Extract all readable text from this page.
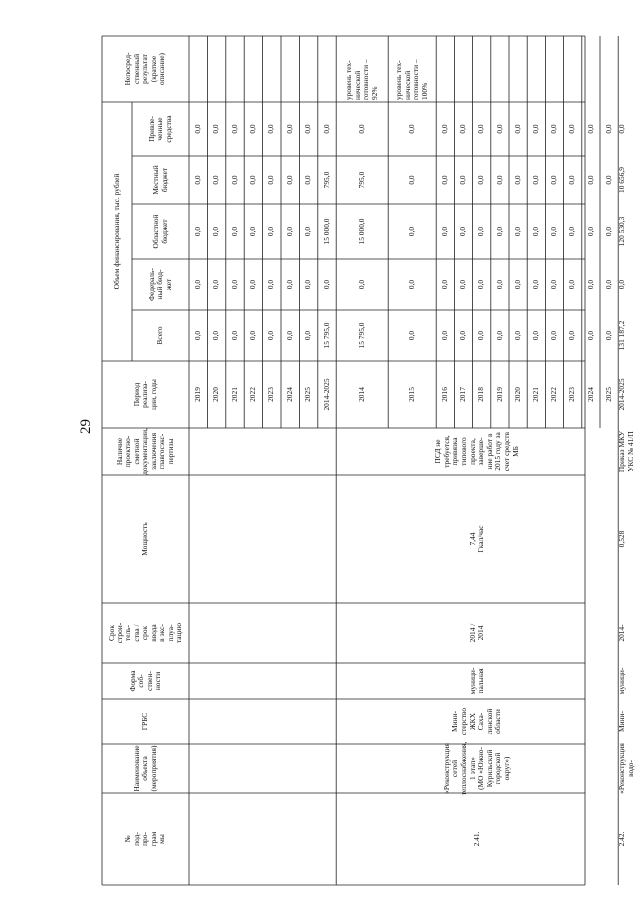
29
№
под-
про-
грам
мы
Наименование объекта
(мероприятия)
ГРБС
Форма
соб-
ствен-
ности
Срок
строи-
тель-
ства /
срок
ввода
в экс-
плуа-
тацию
Мощность
Наличие проектно-
сметной документации,
заключения главгосэкс-
пертизы
Период
реализа-
ции, годы
Объем финансирования, тыс. рублей
Всего
Федераль-
ный бюд-
жет
Областной
бюджет
Местный
бюджет
Привле-
ченные
средства
Непосред-
ственный
результат
(краткое
описание)
2019
0,0
0,0
0,0
0,0
0,0
2020
0,0
0,0
0,0
0,0
0,0
2021
0,0
0,0
0,0
0,0
0,0
2022
0,0
0,0
0,0
0,0
0,0
2023
0,0
0,0
0,0
0,0
0,0
2024
0,0
0,0
0,0
0,0
0,0
2025
0,0
0,0
0,0
0,0
0,0
2014-2025
15 795,0
0,0
15 000,0
795,0
0,0
2.41.
«Реконструкция сетей
теплоснабжения, 1 этап»
(МО «Южно-Курильский
городской округ»)
Мини-
стерство
ЖКХ
Саха-
линской
области
муници-
пальная
2014 /
2014
7,44
Гкал/час
ПСД не требуется, привязка
типового проекта, заверше-
ние работ в 2015 году за
счет средств МБ
2014
15 795,0
0,0
15 000,0
795,0
0,0
уровень тех-
нической
готовности –
92%
2015
0,0
0,0
0,0
0,0
0,0
уровень тех-
нической
готовности –
100%
2016
0,0
0,0
0,0
0,0
0,0
2017
0,0
0,0
0,0
0,0
0,0
2018
0,0
0,0
0,0
0,0
0,0
2019
0,0
0,0
0,0
0,0
0,0
2020
0,0
0,0
0,0
0,0
0,0
2021
0,0
0,0
0,0
0,0
0,0
2022
0,0
0,0
0,0
0,0
0,0
2023
0,0
0,0
0,0
0,0
0,0
2024
0,0
0,0
0,0
0,0
0,0
2025
0,0
0,0
0,0
0,0
0,0
2.42.
«Реконструкция водо-
Мини-
муници-
2014-
0,528
Приказ МКУ УКС № 41/П
2014-2025
131 187,2
0,0
120 530,3
10 656,9
0,0
